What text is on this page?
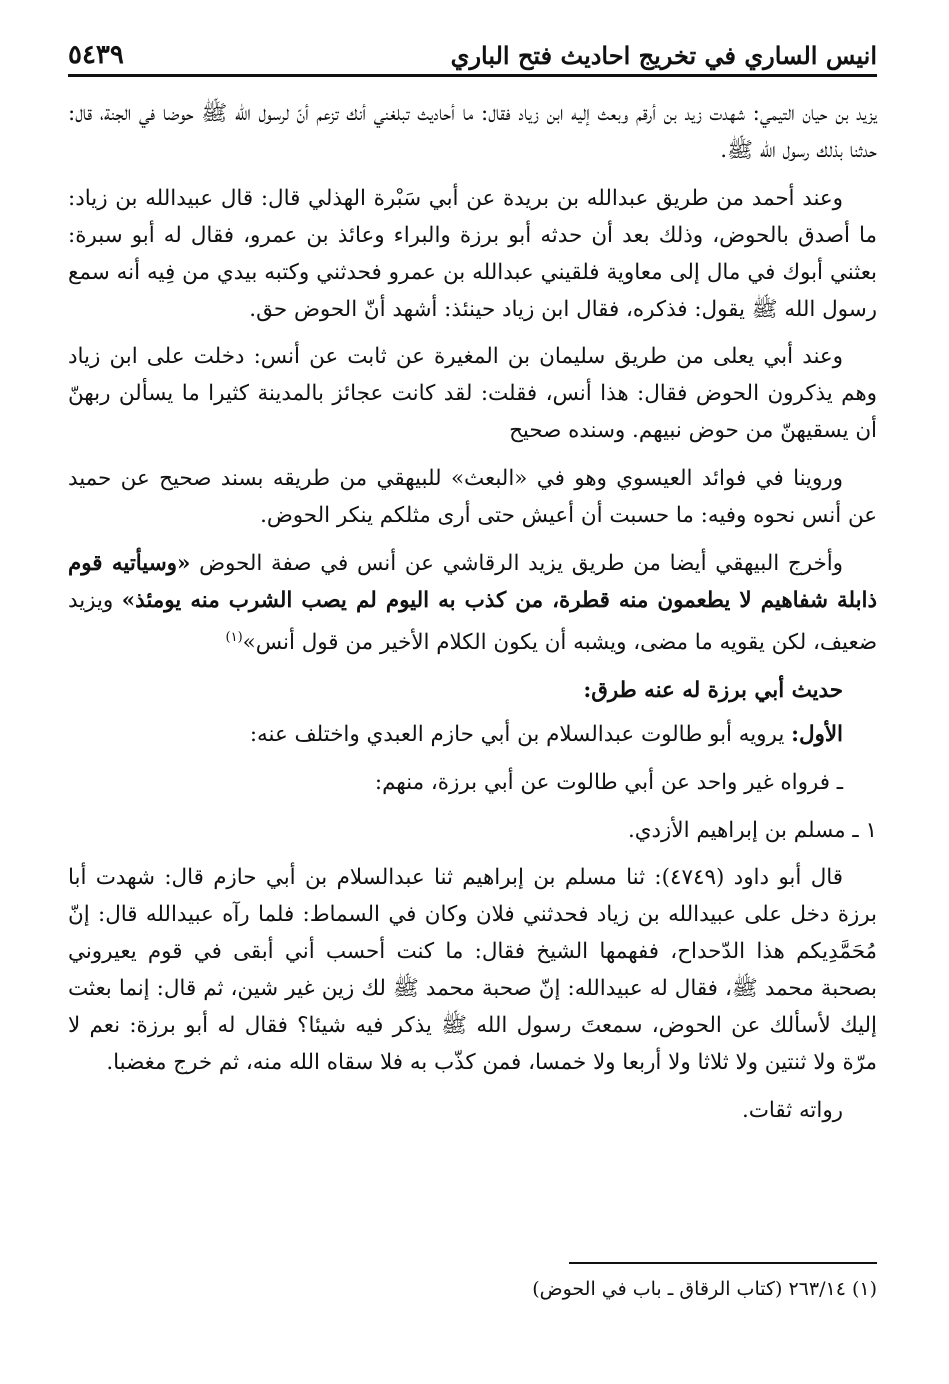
انيس الساري في تخريج احاديث فتح الباري
٥٤٣٩

يزيد بن حيان التيمي: شهدت زيد بن أرقم وبعث إليه ابن زياد فقال: ما أحاديث تبلغني أنك تزعم أنّ لرسول الله ﷺ حوضا في الجنة، قال: حدثنا بذلك رسول الله ﷺ.

وعند أحمد من طريق عبدالله بن بريدة عن أبي سَبْرة الهذلي قال: قال عبيدالله بن زياد: ما أصدق بالحوض، وذلك بعد أن حدثه أبو برزة والبراء وعائذ بن عمرو، فقال له أبو سبرة: بعثني أبوك في مال إلى معاوية فلقيني عبدالله بن عمرو فحدثني وكتبه بيدي من فِيه أنه سمع رسول الله ﷺ يقول: فذكره، فقال ابن زياد حينئذ: أشهد أنّ الحوض حق.

وعند أبي يعلى من طريق سليمان بن المغيرة عن ثابت عن أنس: دخلت على ابن زياد وهم يذكرون الحوض فقال: هذا أنس، فقلت: لقد كانت عجائز بالمدينة كثيرا ما يسألن ربهنّ أن يسقيهنّ من حوض نبيهم. وسنده صحيح

وروينا في فوائد العيسوي وهو في «البعث» للبيهقي من طريقه بسند صحيح عن حميد عن أنس نحوه وفيه: ما حسبت أن أعيش حتى أرى مثلكم ينكر الحوض.

وأخرج البيهقي أيضا من طريق يزيد الرقاشي عن أنس في صفة الحوض «وسيأتيه قوم ذابلة شفاهيم لا يطعمون منه قطرة، من كذب به اليوم لم يصب الشرب منه يومئذ» ويزيد ضعيف، لكن يقويه ما مضى، ويشبه أن يكون الكلام الأخير من قول أنس»$^{(١)}$

حديث أبي برزة له عنه طرق:

الأول: يرويه أبو طالوت عبدالسلام بن أبي حازم العبدي واختلف عنه:

ـ فرواه غير واحد عن أبي طالوت عن أبي برزة، منهم:

١ ـ مسلم بن إبراهيم الأزدي.

قال أبو داود (٤٧٤٩): ثنا مسلم بن إبراهيم ثنا عبدالسلام بن أبي حازم قال: شهدت أبا برزة دخل على عبيدالله بن زياد فحدثني فلان وكان في السماط: فلما رآه عبيدالله قال: إنّ مُحَمَّدِيكم هذا الدّحداح، ففهمها الشيخ فقال: ما كنت أحسب أني أبقى في قوم يعيروني بصحبة محمد ﷺ، فقال له عبيدالله: إنّ صحبة محمد ﷺ لك زين غير شين، ثم قال: إنما بعثت إليك لأسألك عن الحوض، سمعتَ رسول الله ﷺ يذكر فيه شيئا؟ فقال له أبو برزة: نعم لا مرّة ولا ثنتين ولا ثلاثا ولا أربعا ولا خمسا، فمن كذّب به فلا سقاه الله منه، ثم خرج مغضبا.

رواته ثقات.

(١) ٢٦٣/١٤ (كتاب الرقاق ـ باب في الحوض)
